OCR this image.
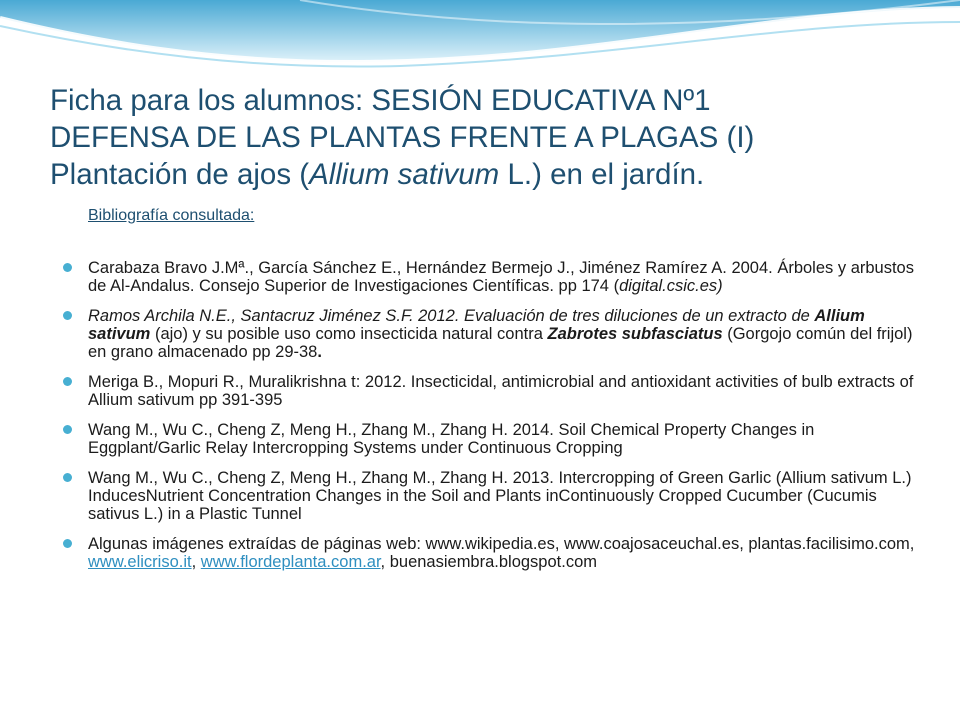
Ficha para los alumnos: SESIÓN EDUCATIVA Nº1
DEFENSA DE LAS PLANTAS FRENTE A PLAGAS (I)
Plantación de ajos (Allium sativum L.) en el jardín.
Bibliografía consultada:
Carabaza Bravo J.Mª., García Sánchez E., Hernández Bermejo J., Jiménez Ramírez A. 2004. Árboles y arbustos de Al-Andalus. Consejo Superior de Investigaciones Científicas. pp 174 (digital.csic.es)
Ramos Archila N.E., Santacruz Jiménez S.F. 2012. Evaluación de tres diluciones de un extracto de Allium sativum (ajo) y su posible uso como insecticida natural contra Zabrotes subfasciatus (Gorgojo común del frijol) en grano almacenado pp 29-38.
Meriga B., Mopuri R., Muralikrishna t: 2012. Insecticidal, antimicrobial and antioxidant activities of bulb extracts of Allium sativum pp 391-395
Wang M., Wu C., Cheng Z, Meng H., Zhang M., Zhang H. 2014. Soil Chemical Property Changes in Eggplant/Garlic Relay Intercropping Systems under Continuous Cropping
Wang M., Wu C., Cheng Z, Meng H., Zhang M., Zhang H. 2013. Intercropping of Green Garlic (Allium sativum L.) InducesNutrient Concentration Changes in the Soil and Plants inContinuously Cropped Cucumber (Cucumis sativus L.) in a Plastic Tunnel
Algunas imágenes extraídas de páginas web: www.wikipedia.es, www.coajosaceuchal.es, plantas.facilisimo.com, www.elicriso.it, www.flordeplanta.com.ar, buenasiembra.blogspot.com
